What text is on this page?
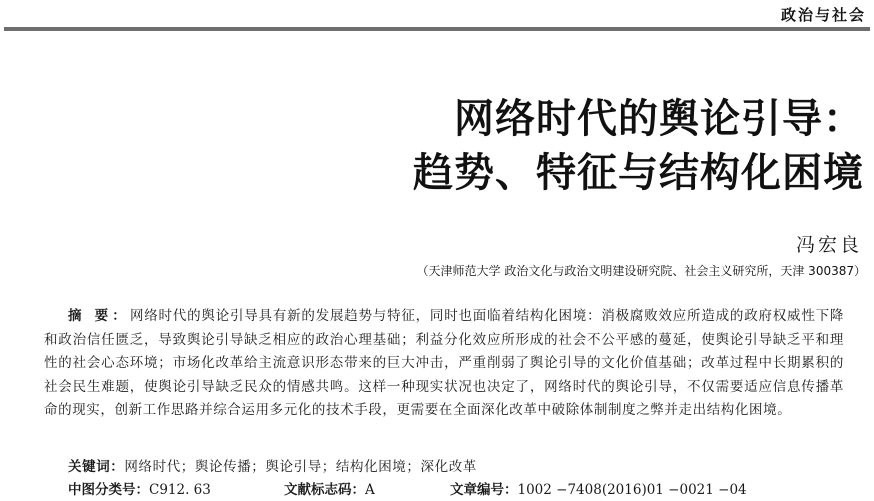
政治与社会
网络时代的舆论引导：
趋势、特征与结构化困境
冯宏良
（天津师范大学 政治文化与政治文明建设研究院、社会主义研究所，天津 300387）

摘 要：网络时代的舆论引导具有新的发展趋势与特征，同时也面临着结构化困境：消极腐败效应所造成的政府权威性下降和政治信任匮乏，导致舆论引导缺乏相应的政治心理基础；利益分化效应所形成的社会不公平感的蔓延，使舆论引导缺乏平和理性的社会心态环境；市场化改革给主流意识形态带来的巨大冲击，严重削弱了舆论引导的文化价值基础；改革过程中长期累积的社会民生难题，使舆论引导缺乏民众的情感共鸣。这样一种现实状况也决定了，网络时代的舆论引导，不仅需要适应信息传播革命的现实，创新工作思路并综合运用多元化的技术手段，更需要在全面深化改革中破除体制制度之弊并走出结构化困境。

关键词：网络时代；舆论传播；舆论引导；结构化困境；深化改革
中图分类号：C912. 63	文献标志码：A	文章编号：1002 −7408(2016)01 −0021 −04
